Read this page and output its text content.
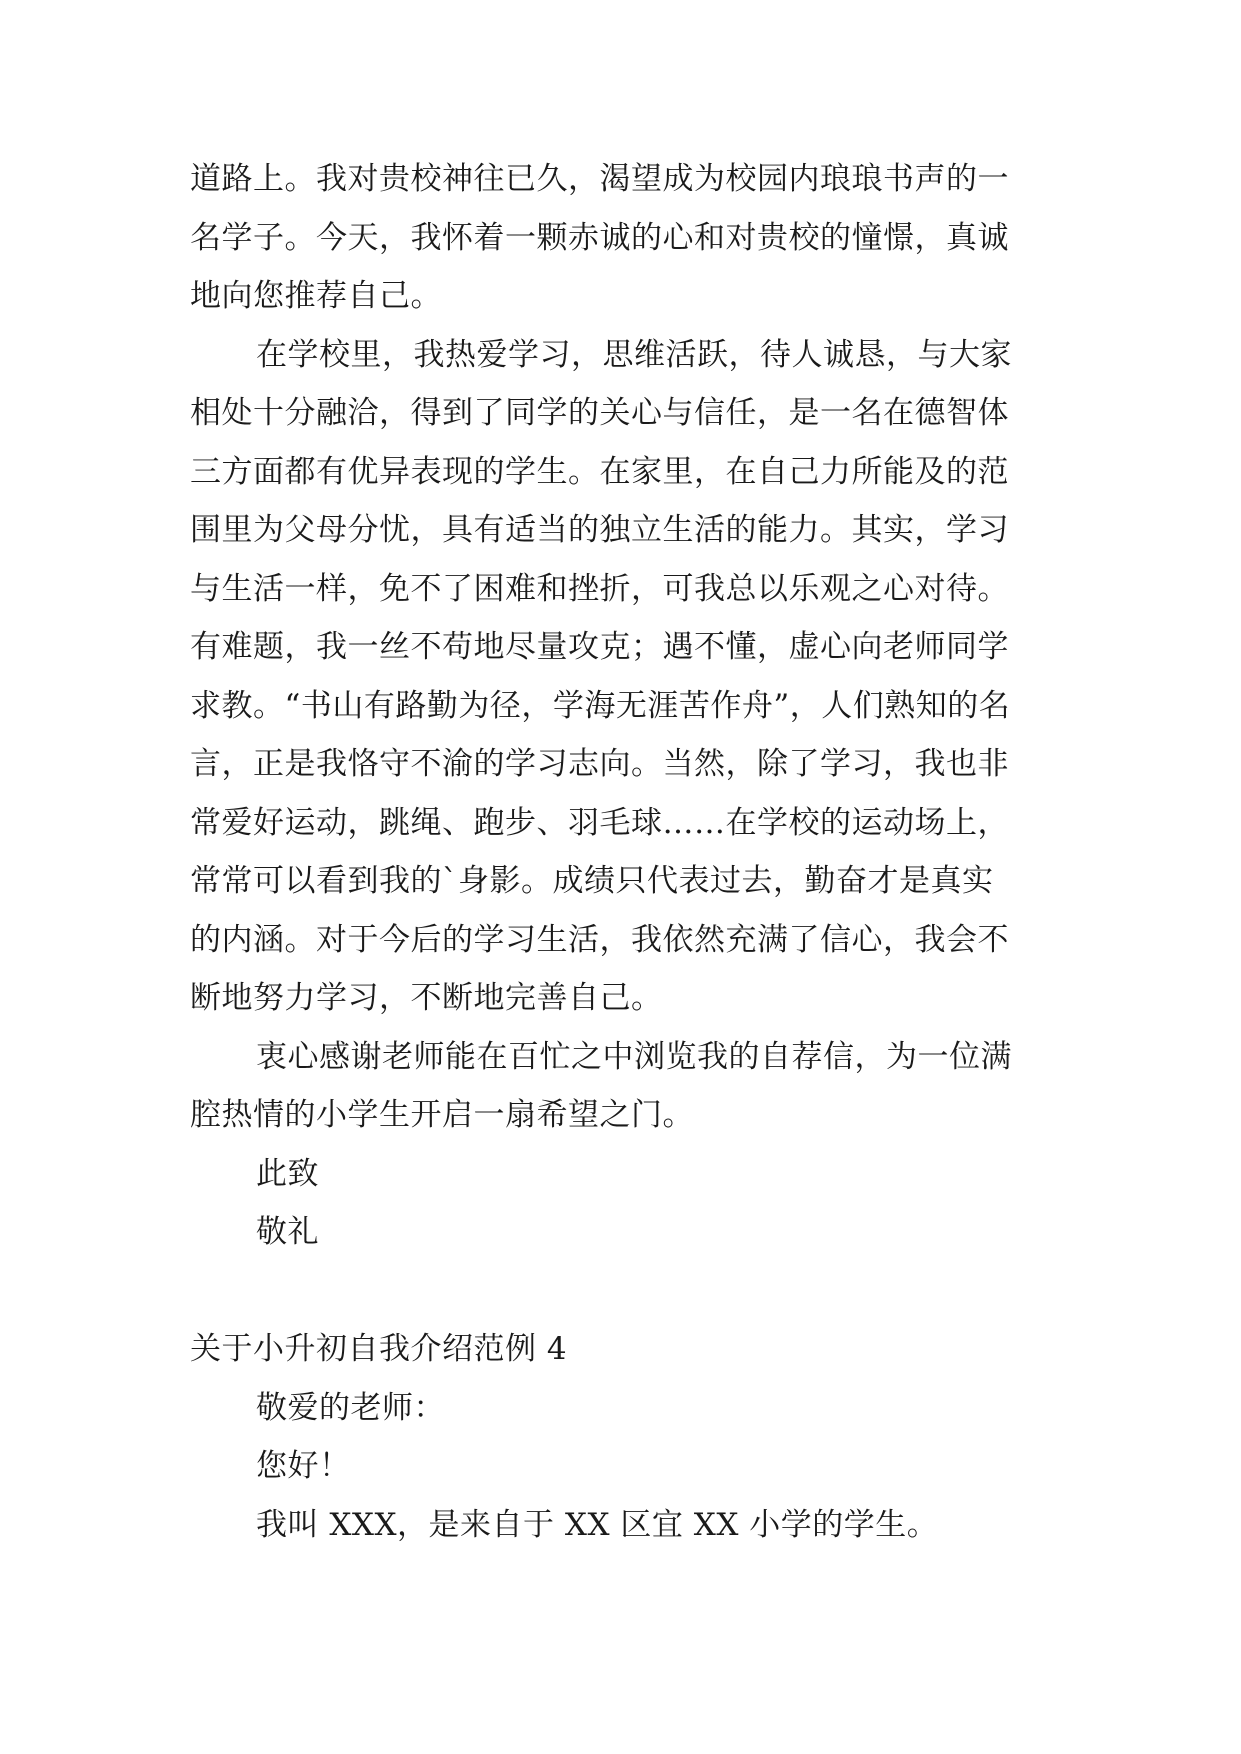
道路上。我对贵校神往已久，渴望成为校园内琅琅书声的一
名学子。今天，我怀着一颗赤诚的心和对贵校的憧憬，真诚
地向您推荐自己。
在学校里，我热爱学习，思维活跃，待人诚恳，与大家
相处十分融洽，得到了同学的关心与信任，是一名在德智体
三方面都有优异表现的学生。在家里，在自己力所能及的范
围里为父母分忧，具有适当的独立生活的能力。其实，学习
与生活一样，免不了困难和挫折，可我总以乐观之心对待。
有难题，我一丝不苟地尽量攻克；遇不懂，虚心向老师同学
求教。“书山有路勤为径，学海无涯苦作舟”，人们熟知的名
言，正是我恪守不渝的学习志向。当然，除了学习，我也非
常爱好运动，跳绳、跑步、羽毛球……在学校的运动场上，
常常可以看到我的`身影。成绩只代表过去，勤奋才是真实
的内涵。对于今后的学习生活，我依然充满了信心，我会不
断地努力学习，不断地完善自己。
衷心感谢老师能在百忙之中浏览我的自荐信，为一位满
腔热情的小学生开启一扇希望之门。
此致
敬礼
关于小升初自我介绍范例 4
敬爱的老师：
您好！
我叫 XXX，是来自于 XX 区宜 XX 小学的学生。
